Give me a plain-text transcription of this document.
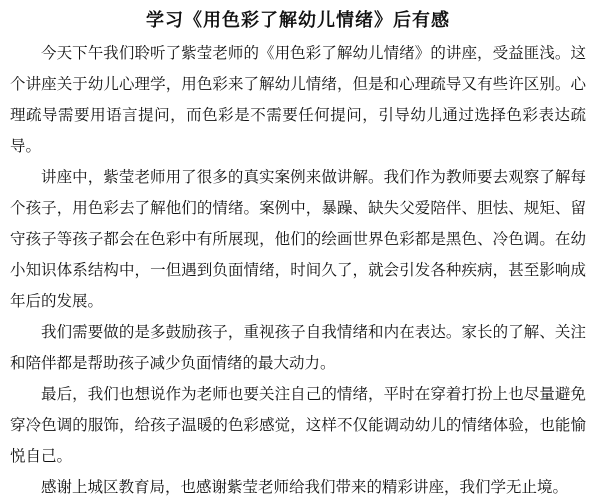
学习《用色彩了解幼儿情绪》后有感

今天下午我们聆听了紫莹老师的《用色彩了解幼儿情绪》的讲座，受益匪浅。这个讲座关于幼儿心理学，用色彩来了解幼儿情绪，但是和心理疏导又有些许区别。心理疏导需要用语言提问，而色彩是不需要任何提问，引导幼儿通过选择色彩表达疏导。

讲座中，紫莹老师用了很多的真实案例来做讲解。我们作为教师要去观察了解每个孩子，用色彩去了解他们的情绪。案例中，暴躁、缺失父爱陪伴、胆怯、规矩、留守孩子等孩子都会在色彩中有所展现，他们的绘画世界色彩都是黑色、冷色调。在幼小知识体系结构中，一但遇到负面情绪，时间久了，就会引发各种疾病，甚至影响成年后的发展。

我们需要做的是多鼓励孩子，重视孩子自我情绪和内在表达。家长的了解、关注和陪伴都是帮助孩子减少负面情绪的最大动力。

最后，我们也想说作为老师也要关注自己的情绪，平时在穿着打扮上也尽量避免穿冷色调的服饰，给孩子温暖的色彩感觉，这样不仅能调动幼儿的情绪体验，也能愉悦自己。

感谢上城区教育局，也感谢紫莹老师给我们带来的精彩讲座，我们学无止境。
